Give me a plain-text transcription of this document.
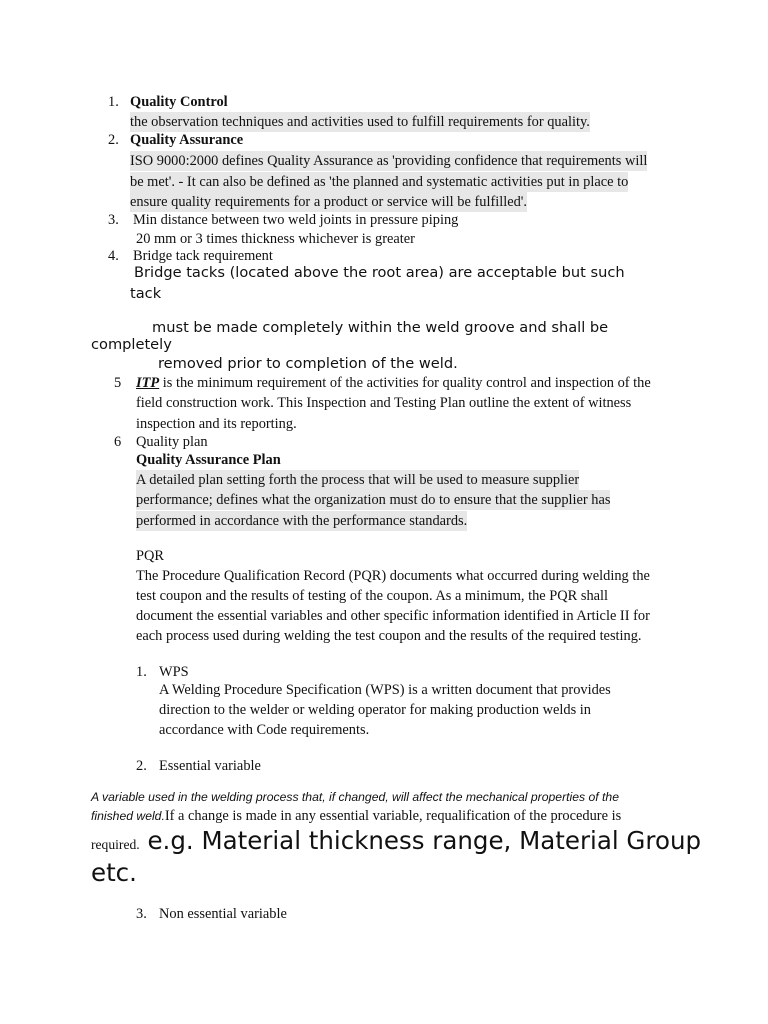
1. Quality Control
the observation techniques and activities used to fulfill requirements for quality.
2. Quality Assurance
ISO 9000:2000 defines Quality Assurance as 'providing confidence that requirements will
be met'. - It can also be defined as 'the planned and systematic activities put in place to
ensure quality requirements for a product or service will be fulfilled'.
3. Min distance between two weld joints in pressure piping
20 mm or 3 times thickness whichever is greater
4. Bridge tack requirement
Bridge tacks (located above the root area) are acceptable but such
tack
must be made completely within the weld groove and shall be
completely
removed prior to completion of the weld.
5 ITP is the minimum requirement of the activities for quality control and inspection of the
field construction work. This Inspection and Testing Plan outline the extent of witness
inspection and its reporting.
6 Quality plan
Quality Assurance Plan
A detailed plan setting forth the process that will be used to measure supplier
performance; defines what the organization must do to ensure that the supplier has
performed in accordance with the performance standards.
PQR
The Procedure Qualification Record (PQR) documents what occurred during welding the
test coupon and the results of testing of the coupon. As a minimum, the PQR shall
document the essential variables and other specific information identified in Article II for
each process used during welding the test coupon and the results of the required testing.
1. WPS
A Welding Procedure Specification (WPS) is a written document that provides
direction to the welder or welding operator for making production welds in
accordance with Code requirements.
2. Essential variable
A variable used in the welding process that, if changed, will affect the mechanical properties of the
finished weld.If a change is made in any essential variable, requalification of the procedure is
required. e.g. Material thickness range, Material Group
etc.
3. Non essential variable
